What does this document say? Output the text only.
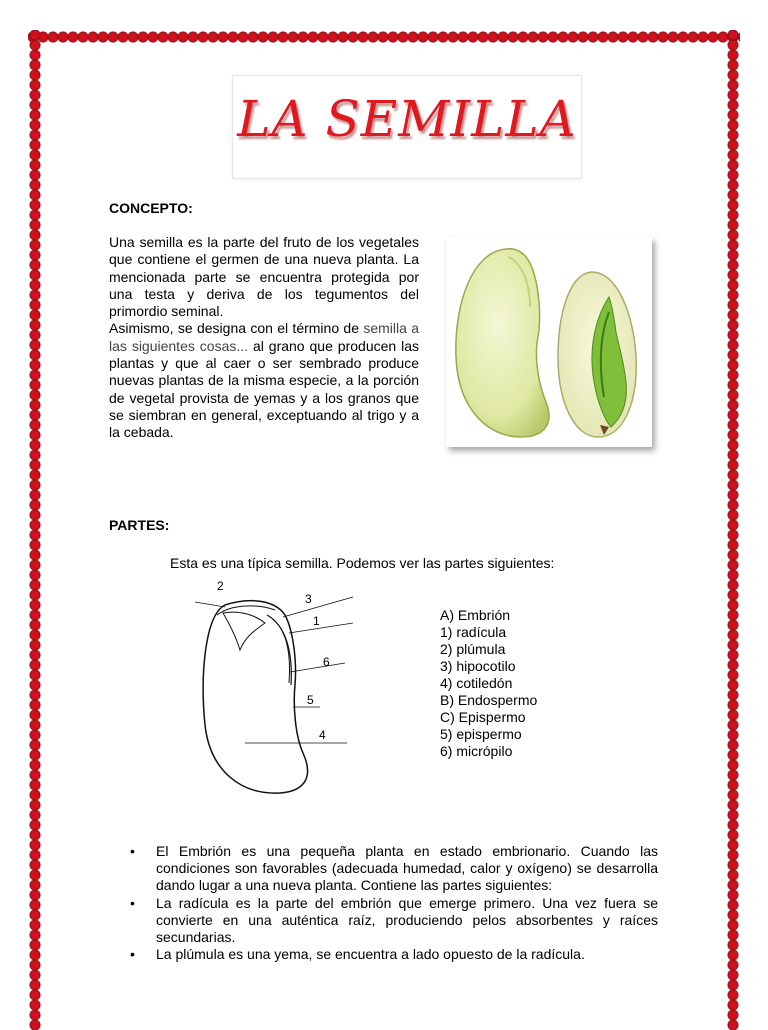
LA SEMILLA
CONCEPTO:
Una semilla es la parte del fruto de los vegetales que contiene el germen de una nueva planta. La mencionada parte se encuentra protegida por una testa y deriva de los tegumentos del primordio seminal.
Asimismo, se designa con el término de semilla a las siguientes cosas... al grano que producen las plantas y que al caer o ser sembrado produce nuevas plantas de la misma especie, a la porción de vegetal provista de yemas y a los granos que se siembran en general, exceptuando al trigo y a la cebada.
PARTES:
Esta es una típica semilla. Podemos ver las partes siguientes:
2
3
1
6
5
4
A) Embrión
1) radícula
2) plúmula
3) hipocotilo
4) cotiledón
B) Endospermo
C) Epispermo
5) epispermo
6) micrópilo
• El Embrión es una pequeña planta en estado embrionario. Cuando las condiciones son favorables (adecuada humedad, calor y oxígeno) se desarrolla dando lugar a una nueva planta. Contiene las partes siguientes:
• La radícula es la parte del embrión que emerge primero. Una vez fuera se convierte en una auténtica raíz, produciendo pelos absorbentes y raíces secundarias.
• La plúmula es una yema, se encuentra a lado opuesto de la radícula.
